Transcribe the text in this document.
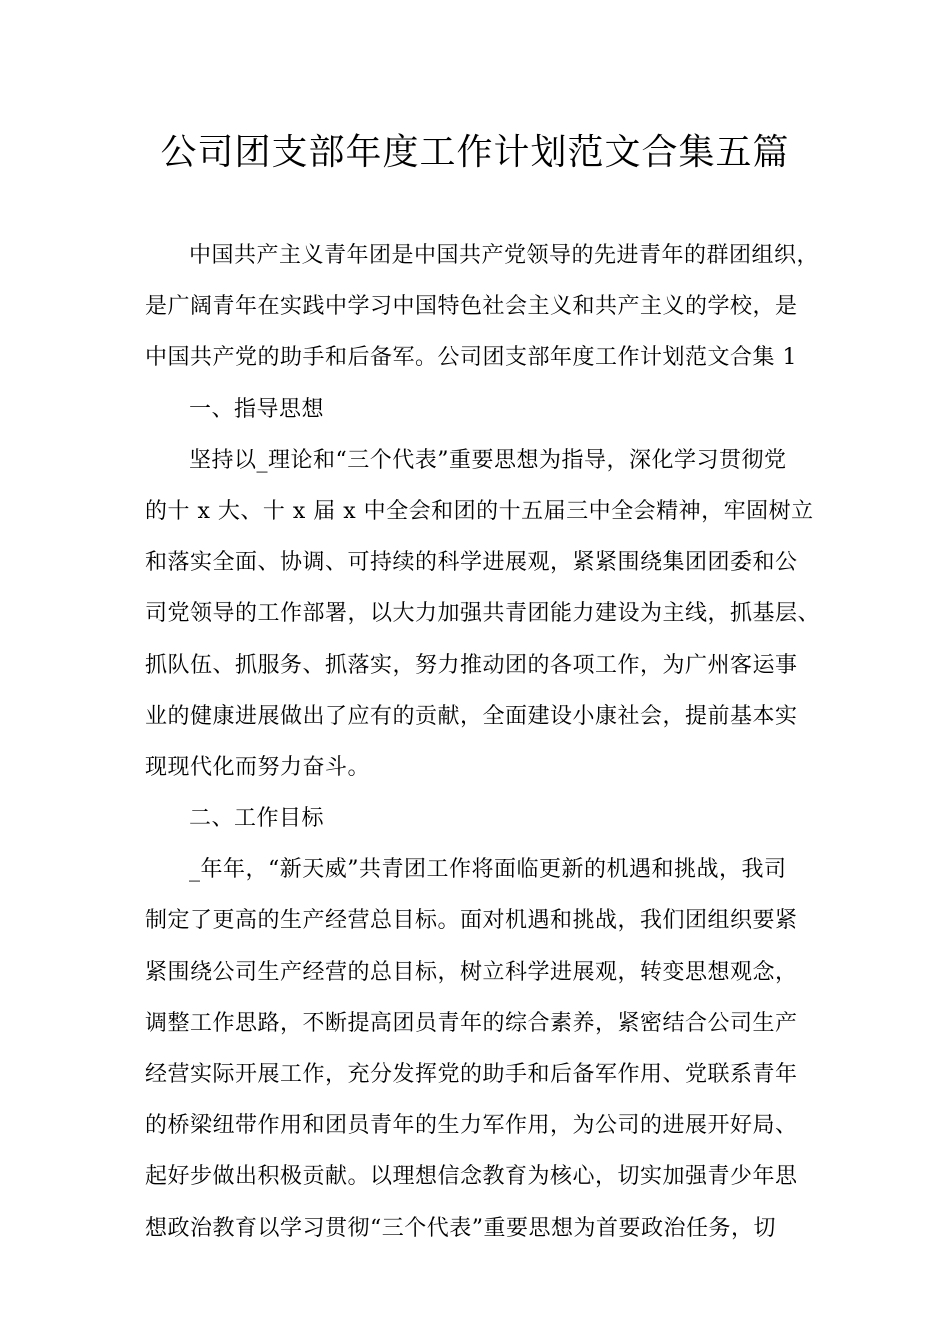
公司团支部年度工作计划范文合集五篇
中国共产主义青年团是中国共产党领导的先进青年的群团组织，
是广阔青年在实践中学习中国特色社会主义和共产主义的学校，是
中国共产党的助手和后备军。公司团支部年度工作计划范文合集 1
一、指导思想
坚持以_理论和“三个代表”重要思想为指导，深化学习贯彻党
的十 x 大、十 x 届 x 中全会和团的十五届三中全会精神，牢固树立
和落实全面、协调、可持续的科学进展观，紧紧围绕集团团委和公
司党领导的工作部署，以大力加强共青团能力建设为主线，抓基层、
抓队伍、抓服务、抓落实，努力推动团的各项工作，为广州客运事
业的健康进展做出了应有的贡献，全面建设小康社会，提前基本实
现现代化而努力奋斗。
二、工作目标
_年年，“新天威”共青团工作将面临更新的机遇和挑战，我司
制定了更高的生产经营总目标。面对机遇和挑战，我们团组织要紧
紧围绕公司生产经营的总目标，树立科学进展观，转变思想观念，
调整工作思路，不断提高团员青年的综合素养，紧密结合公司生产
经营实际开展工作，充分发挥党的助手和后备军作用、党联系青年
的桥梁纽带作用和团员青年的生力军作用，为公司的进展开好局、
起好步做出积极贡献。以理想信念教育为核心，切实加强青少年思
想政治教育以学习贯彻“三个代表”重要思想为首要政治任务，切
